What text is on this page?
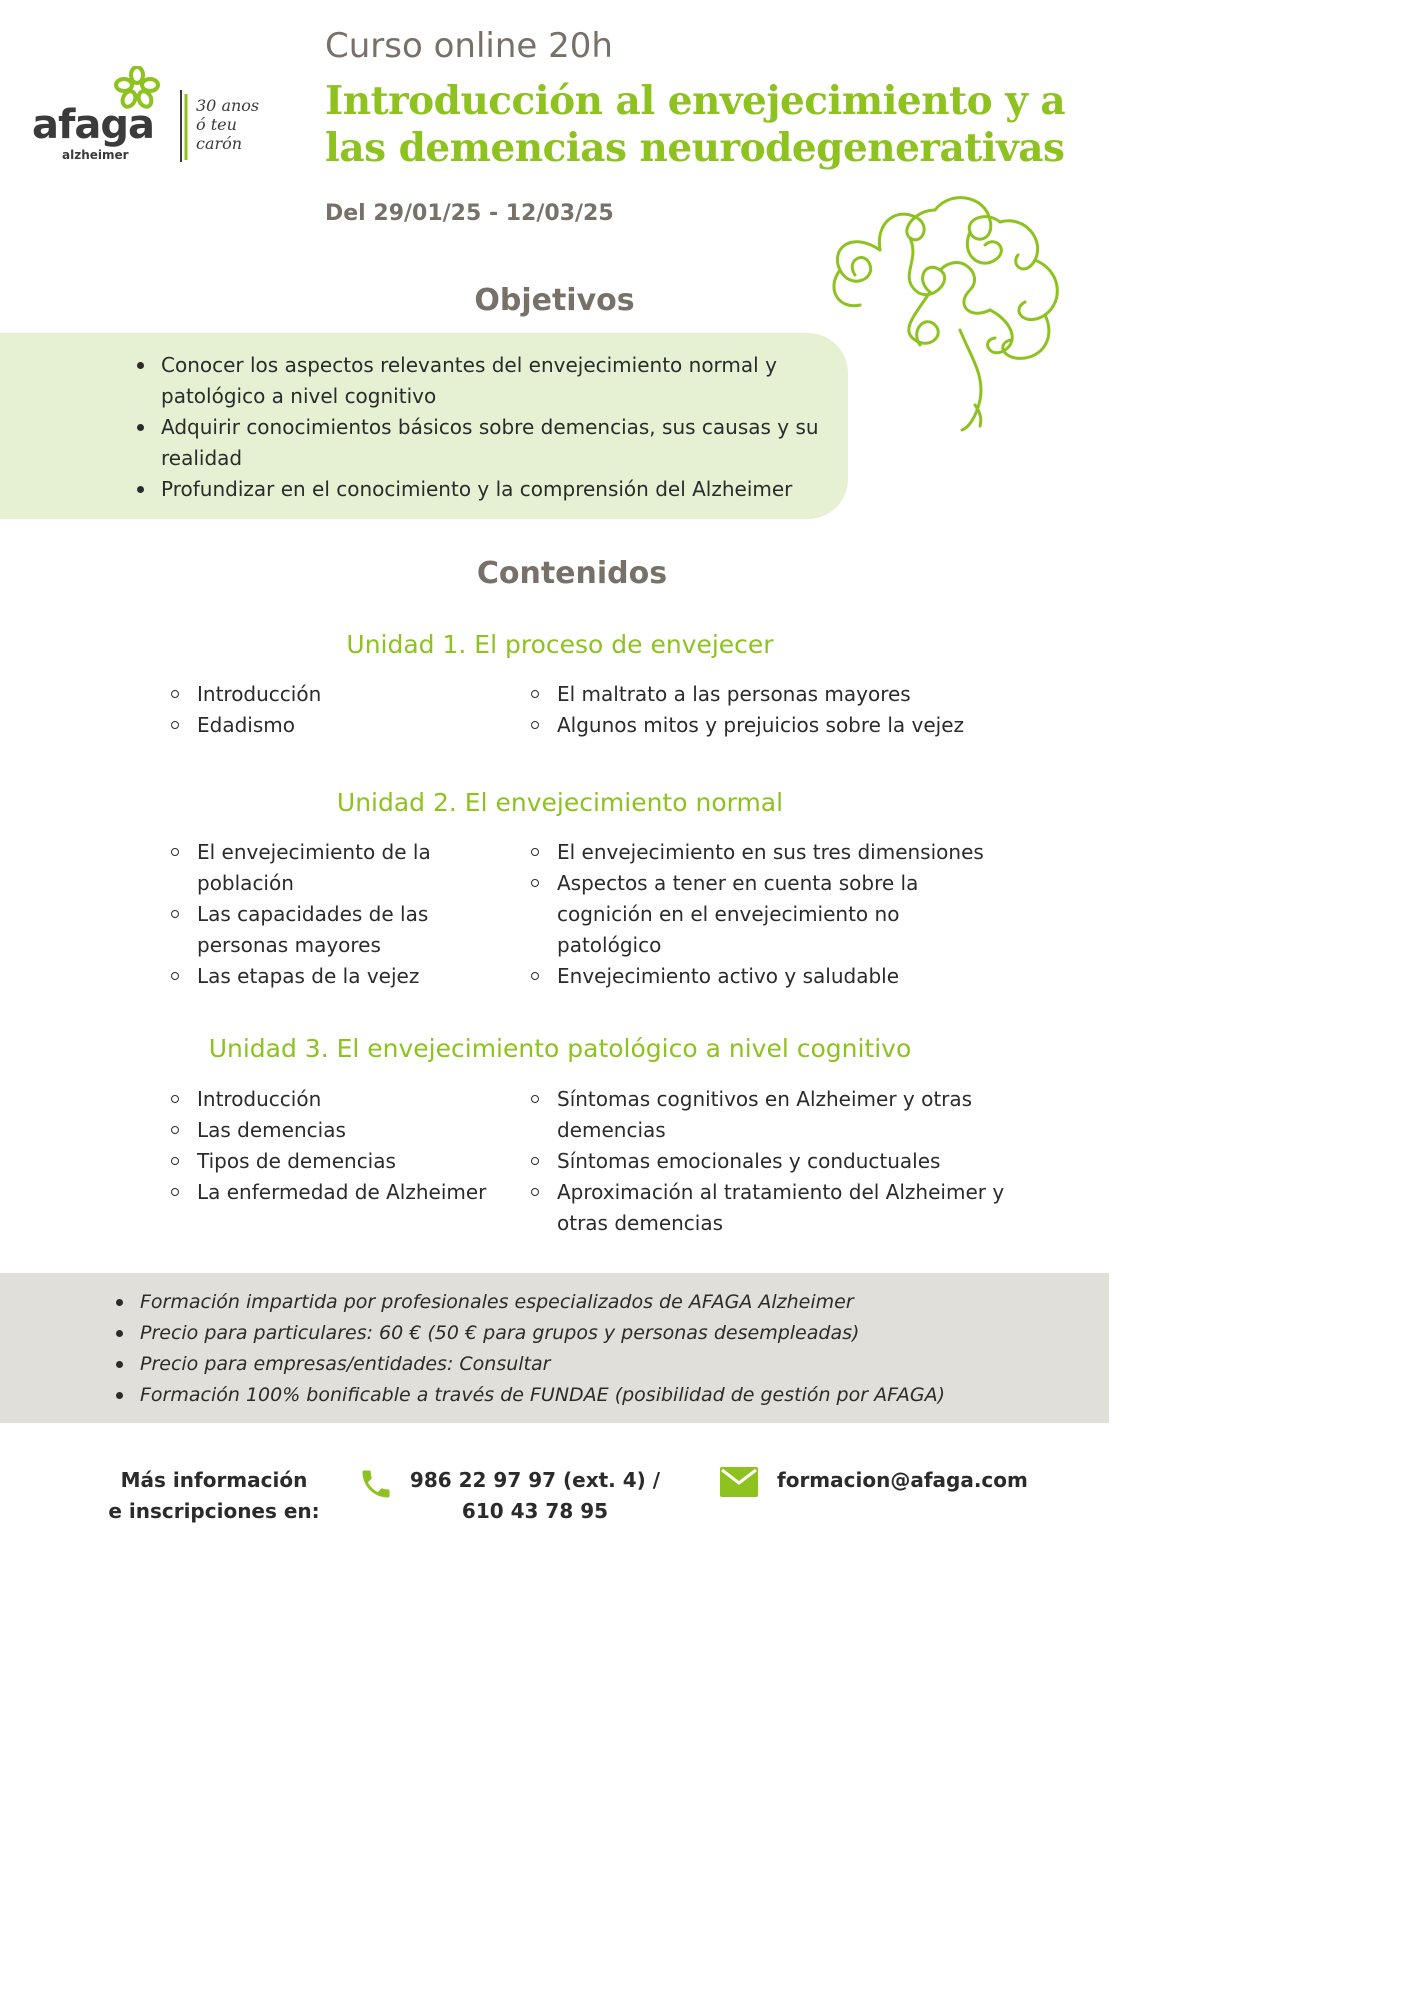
afaga
alzheimer
30 anos
ó teu
carón
Curso online 20h
Introducción al envejecimiento y a las demencias neurodegenerativas
Del 29/01/25 - 12/03/25
Objetivos
Conocer los aspectos relevantes del envejecimiento normal y patológico a nivel cognitivo
Adquirir conocimientos básicos sobre demencias, sus causas y su realidad
Profundizar en el conocimiento y la comprensión del Alzheimer
Contenidos
Unidad 1. El proceso de envejecer
Introducción
Edadismo
El maltrato a las personas mayores
Algunos mitos y prejuicios sobre la vejez
Unidad 2. El envejecimiento normal
El envejecimiento de la población
Las capacidades de las personas mayores
Las etapas de la vejez
El envejecimiento en sus tres dimensiones
Aspectos a tener en cuenta sobre la cognición en el envejecimiento no patológico
Envejecimiento activo y saludable
Unidad 3. El envejecimiento patológico a nivel cognitivo
Introducción
Las demencias
Tipos de demencias
La enfermedad de Alzheimer
Síntomas cognitivos en Alzheimer y otras demencias
Síntomas emocionales y conductuales
Aproximación al tratamiento del Alzheimer y otras demencias
Formación impartida por profesionales especializados de AFAGA Alzheimer
Precio para particulares: 60 € (50 € para grupos y personas desempleadas)
Precio para empresas/entidades: Consultar
Formación 100% bonificable a través de FUNDAE (posibilidad de gestión por AFAGA)
Más información
e inscripciones en:
986 22 97 97 (ext. 4) /
610 43 78 95
formacion@afaga.com
